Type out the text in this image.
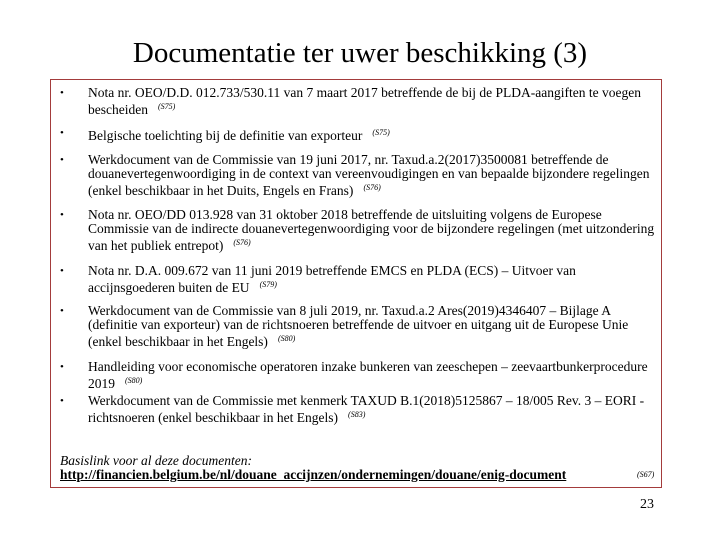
Documentatie ter uwer beschikking (3)
• Nota nr. OEO/D.D. 012.733/530.11 van 7 maart 2017 betreffende de bij de PLDA-aangiften te voegen bescheiden $^{(S75)}$
• Belgische toelichting bij de definitie van exporteur $^{(S75)}$
• Werkdocument van de Commissie van 19 juni 2017, nr. Taxud.a.2(2017)3500081 betreffende de douanevertegenwoordiging in de context van vereenvoudigingen en van bepaalde bijzondere regelingen (enkel beschikbaar in het Duits, Engels en Frans) $^{(S76)}$
• Nota nr. OEO/DD 013.928 van 31 oktober 2018 betreffende de uitsluiting volgens de Europese Commissie van de indirecte douanevertegenwoordiging voor de bijzondere regelingen (met uitzondering van het publiek entrepot) $^{(S76)}$
• Nota nr. D.A. 009.672 van 11 juni 2019 betreffende EMCS en PLDA (ECS) – Uitvoer van accijnsgoederen buiten de EU $^{(S79)}$
• Werkdocument van de Commissie van 8 juli 2019, nr. Taxud.a.2 Ares(2019)4346407 – Bijlage A (definitie van exporteur) van de richtsnoeren betreffende de uitvoer en uitgang uit de Europese Unie (enkel beschikbaar in het Engels) $^{(S80)}$
• Handleiding voor economische operatoren inzake bunkeren van zeeschepen – zeevaartbunkerprocedure 2019 $^{(S80)}$
• Werkdocument van de Commissie met kenmerk TAXUD B.1(2018)5125867 – 18/005 Rev. 3 – EORI -richtsnoeren (enkel beschikbaar in het Engels) $^{(S83)}$
Basislink voor al deze documenten:
http://financien.belgium.be/nl/douane_accijnzen/ondernemingen/douane/enig-document	(S67)
23
